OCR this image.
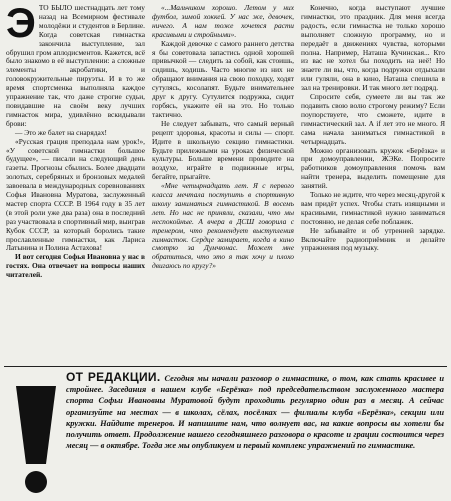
ЭТО БЫЛО шестнадцать лет тому назад на Всемирном фестивале молодёжи и студентов в Берлине. Когда советская гимнастка закончила выступление, зал обрушил гром аплодисментов. Кажется, всё было знакомо в её выступлении: а сложные элементы акробатики, и головокружительные пируэты. И в то же время спортсменка выполняла каждое упражнение так, что даже строгие судьи, повидавшие на своём веку лучших гимнасток мира, удивлённо вскидывали брови:

— Это же балет на снарядах!

«Русская грация преподала нам урок!», «У советской гимнастки большое будущее», — писали на следующий день газеты. Прогнозы сбылись. Более двадцати золотых, серебряных и бронзовых медалей завоевала в международных соревнованиях Софья Ивановна Муратова, заслуженный мастер спорта СССР. В 1964 году в 35 лет (в этой роли уже два раза) она в последний раз участвовала в спортивный мир, выиграв Кубок СССР, за который боролись такие прославленные гимнастки, как Лариса Латынина и Полина Астахова!

И вот сегодня Софья Ивановна у нас в гостях. Она отвечает на вопросы наших читателей.

«...Мальчиком хорошо. Летом у них футбол, зимой хоккей. У нас же, девочек, ничего. А нам тоже хочется расти красивыми и стройными».

Каждой девочке с самого раннего детства я бы советовала запастись одной хорошей привычкой — следить за собой, как стоишь, сидишь, ходишь. Часто многие из них не обращают внимания на свою походку, ходят сутулясь, косолапят. Будьте внимательнее друг к другу. Сутулится подружка, сидит горбясь, укажите ей на это. Но только тактично.

Не следует забывать, что самый верный рецепт здоровья, красоты и силы — спорт. Идите в школьную секцию гимнастики. Будьте прилежными на уроках физической культуры. Больше времени проводите на воздухе, играйте в подвижные игры, бегайте, прыгайте.

«Мне четырнадцать лет. Я с первого класса мечтала поступить в спортивную школу заниматься гимнастикой. В восемь лет. Но нас не приняли, сказали, что мы неспокойные. А вчера в ДСШ говорила с тренером, что рекомендует выступления гимнасток. Сердце замирает, когда в кино смотрю за Думчюнас. Может мне обратиться, что это я так хочу и плохо двигаюсь по кругу?»

Конечно, когда выступают лучшие гимнастки, это праздник. Для меня всегда радость, если гимнастка не только хорошо выполняет сложную программу, но и передаёт в движениях чувства, которыми полна. Например, Наташа Кучинская... Кто из вас не хотел бы походить на неё! Но знаете ли вы, что, когда подружки отдыхали или гуляли, она в кино, Наташа спешила в зал на тренировки. И так много лет подряд.

Спросите себя, сумеете ли вы так же подавить свою волю строгому режиму? Если поупорствуете, что сможете, идите в гимнастический зал. А if лет это не много. Я сама начала заниматься гимнастикой в четырнадцать.

Можно организовать кружок «Берёзка» и при домоуправлении, ЖЭКе. Попросите работников домоуправления помочь вам найти тренера, выделить помещение для занятий.

Только не ждите, что через месяц-другой к вам придёт успех. Чтобы стать изящными и красивыми, гимнастикой нужно заниматься постоянно, не делая себе поблажек.

Не забывайте и об утренней зарядке. Включайте радиоприёмник и делайте упражнения под музыку.

ОТ РЕДАКЦИИ. Сегодня мы начали разговор о гимнастике, о том, как стать красивее и стройнее. Заседания в нашем клубе «Берёзка» под председательством заслуженного мастера спорта Софьи Ивановны Муратовой будут проходить регулярно один раз в месяц. А сейчас организуйте на местах — в школах, сёлах, посёлках — филиалы клуба «Берёзка», секции или кружки. Найдите тренеров. И напишите нам, что волнует вас, на какие вопросы вы хотели бы получить ответ. Продолжение нашего сегодняшнего разговора о красоте и грации состоится через месяц — в октябре. Тогда же мы опубликуем и первый комплекс упражнений по гимнастике.
